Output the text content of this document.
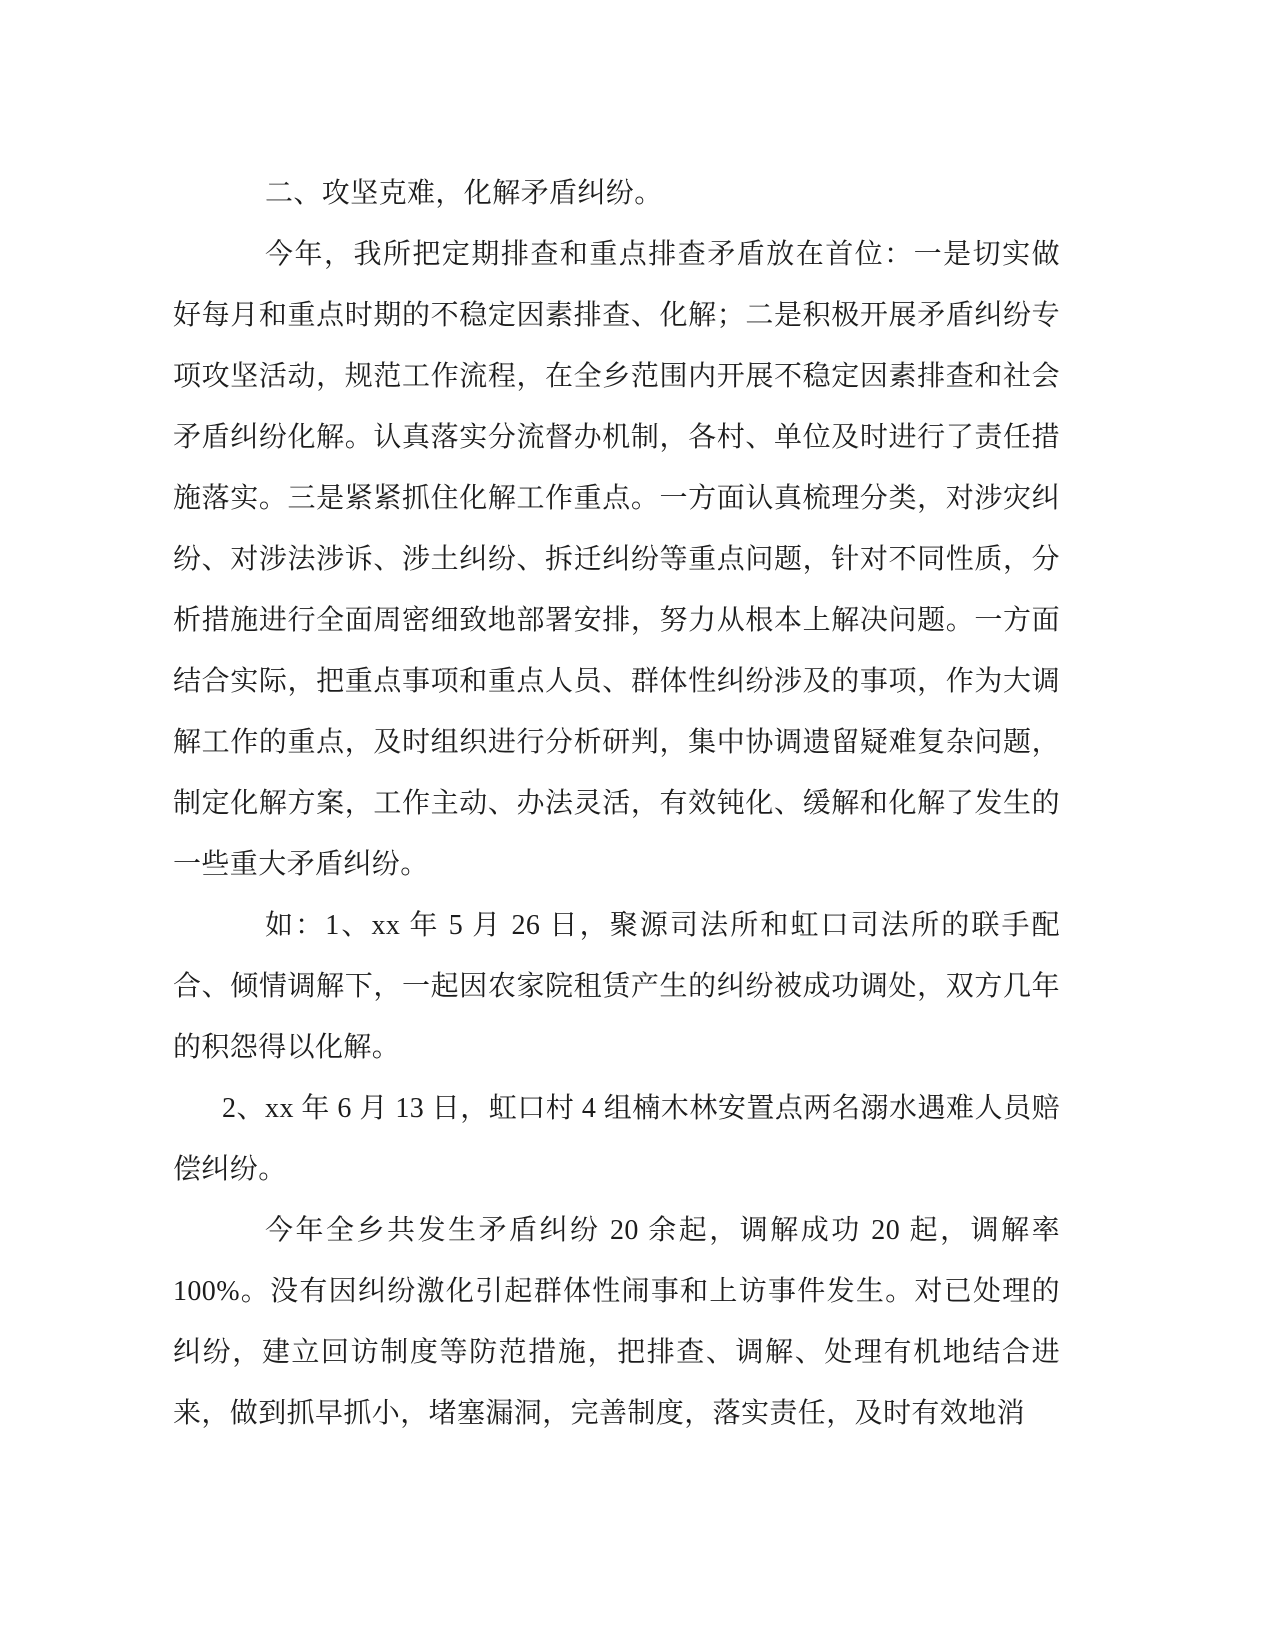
二、攻坚克难，化解矛盾纠纷。

今年，我所把定期排查和重点排查矛盾放在首位：一是切实做好每月和重点时期的不稳定因素排查、化解；二是积极开展矛盾纠纷专项攻坚活动，规范工作流程，在全乡范围内开展不稳定因素排查和社会矛盾纠纷化解。认真落实分流督办机制，各村、单位及时进行了责任措施落实。三是紧紧抓住化解工作重点。一方面认真梳理分类，对涉灾纠纷、对涉法涉诉、涉土纠纷、拆迁纠纷等重点问题，针对不同性质，分析措施进行全面周密细致地部署安排，努力从根本上解决问题。一方面结合实际，把重点事项和重点人员、群体性纠纷涉及的事项，作为大调解工作的重点，及时组织进行分析研判，集中协调遗留疑难复杂问题，制定化解方案，工作主动、办法灵活，有效钝化、缓解和化解了发生的一些重大矛盾纠纷。

如：1、xx 年 5 月 26 日，聚源司法所和虹口司法所的联手配合、倾情调解下，一起因农家院租赁产生的纠纷被成功调处，双方几年的积怨得以化解。

2、xx 年 6 月 13 日，虹口村 4 组楠木林安置点两名溺水遇难人员赔偿纠纷。

今年全乡共发生矛盾纠纷 20 余起，调解成功 20 起，调解率 100%。没有因纠纷激化引起群体性闹事和上访事件发生。对已处理的纠纷，建立回访制度等防范措施，把排查、调解、处理有机地结合进来，做到抓早抓小，堵塞漏洞，完善制度，落实责任，及时有效地消
